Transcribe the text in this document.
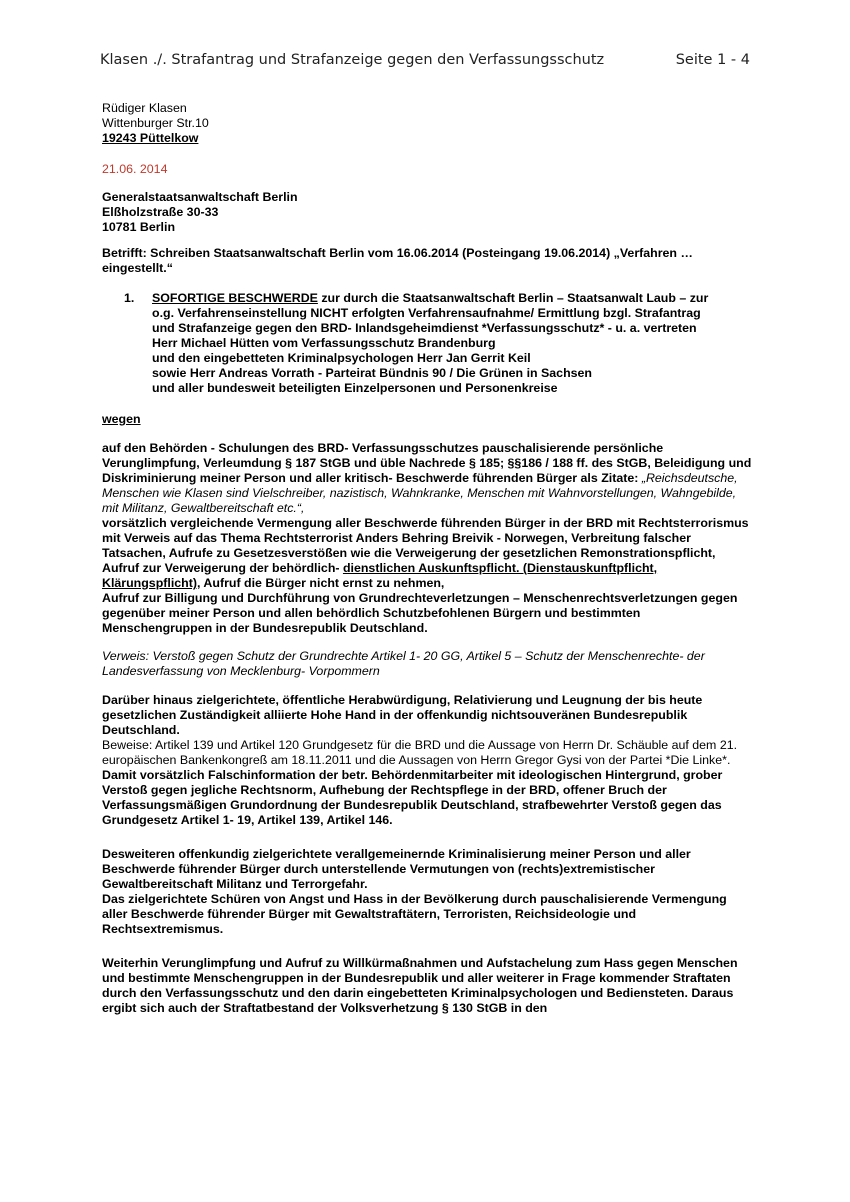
Klasen ./. Strafantrag und Strafanzeige gegen den Verfassungsschutz	Seite 1 - 4
Rüdiger Klasen
Wittenburger Str.10
19243 Püttelkow
21.06. 2014
Generalstaatsanwaltschaft Berlin
Elßholzstraße 30-33
10781 Berlin

Betrifft: Schreiben Staatsanwaltschaft Berlin vom 16.06.2014 (Posteingang 19.06.2014) „Verfahren …eingestellt.“

1.	SOFORTIGE BESCHWERDE zur durch die Staatsanwaltschaft Berlin – Staatsanwalt Laub – zur
o.g. Verfahrenseinstellung NICHT erfolgten Verfahrensaufnahme/ Ermittlung bzgl. Strafantrag
und Strafanzeige gegen den BRD- Inlandsgeheimdienst *Verfassungsschutz* - u. a. vertreten
Herr Michael Hütten vom Verfassungsschutz Brandenburg
und den eingebetteten Kriminalpsychologen Herr Jan Gerrit Keil
sowie Herr Andreas Vorrath - Parteirat Bündnis 90 / Die Grünen in Sachsen
und aller bundesweit beteiligten Einzelpersonen und Personenkreise
wegen

auf den Behörden - Schulungen des BRD- Verfassungsschutzes pauschalisierende persönliche Verunglimpfung, Verleumdung § 187 StGB und üble Nachrede § 185; §§186 / 188 ff. des StGB, Beleidigung und Diskriminierung meiner Person und aller kritisch- Beschwerde führenden Bürger als Zitate: „Reichsdeutsche, Menschen wie Klasen sind Vielschreiber, nazistisch, Wahnkranke, Menschen mit Wahnvorstellungen, Wahngebilde, mit Militanz, Gewaltbereitschaft etc.“,

vorsätzlich vergleichende Vermengung aller Beschwerde führenden Bürger in der BRD mit Rechtsterrorismus mit Verweis auf das Thema Rechtsterrorist Anders Behring Breivik - Norwegen, Verbreitung falscher Tatsachen, Aufrufe zu Gesetzesverstößen wie die Verweigerung der gesetzlichen Remonstrationspflicht,

Aufruf zur Verweigerung der behördlich- dienstlichen Auskunftspflicht. (Dienstauskunftpflicht, Klärungspflicht), Aufruf die Bürger nicht ernst zu nehmen,

Aufruf zur Billigung und Durchführung von Grundrechteverletzungen – Menschenrechtsverletzungen gegen gegenüber meiner Person und allen behördlich Schutzbefohlenen Bürgern und bestimmten Menschengruppen in der Bundesrepublik Deutschland.

Verweis: Verstoß gegen Schutz der Grundrechte Artikel 1- 20 GG, Artikel 5 – Schutz der Menschenrechte- der Landesverfassung von Mecklenburg- Vorpommern

Darüber hinaus zielgerichtete, öffentliche Herabwürdigung, Relativierung und Leugnung der bis heute gesetzlichen Zuständigkeit alliierte Hohe Hand in der offenkundig nichtsouveränen Bundesrepublik Deutschland.

Beweise: Artikel 139 und Artikel 120 Grundgesetz für die BRD und die Aussage von Herrn Dr. Schäuble auf dem 21. europäischen Bankenkongreß am 18.11.2011 und die Aussagen von Herrn Gregor Gysi von der Partei *Die Linke*.

Damit vorsätzlich Falschinformation der betr. Behördenmitarbeiter mit ideologischen Hintergrund, grober Verstoß gegen jegliche Rechtsnorm, Aufhebung der Rechtspflege in der BRD, offener Bruch der Verfassungsmäßigen Grundordnung der Bundesrepublik Deutschland, strafbewehrter Verstoß gegen das Grundgesetz Artikel 1- 19, Artikel 139, Artikel 146.

Desweiteren offenkundig zielgerichtete verallgemeinernde Kriminalisierung meiner Person und aller Beschwerde führender Bürger durch unterstellende Vermutungen von (rechts)extremistischer Gewaltbereitschaft Militanz und Terrorgefahr.

Das zielgerichtete Schüren von Angst und Hass in der Bevölkerung durch pauschalisierende Vermengung aller Beschwerde führender Bürger mit Gewaltstraftätern, Terroristen, Reichsideologie und Rechtsextremismus.

Weiterhin Verunglimpfung und Aufruf zu Willkürmaßnahmen und Aufstachelung zum Hass gegen Menschen und bestimmte Menschengruppen in der Bundesrepublik und aller weiterer in Frage kommender Straftaten durch den Verfassungsschutz und den darin eingebetteten Kriminalpsychologen und Bediensteten. Daraus ergibt sich auch der Straftatbestand der Volksverhetzung § 130 StGB in den
